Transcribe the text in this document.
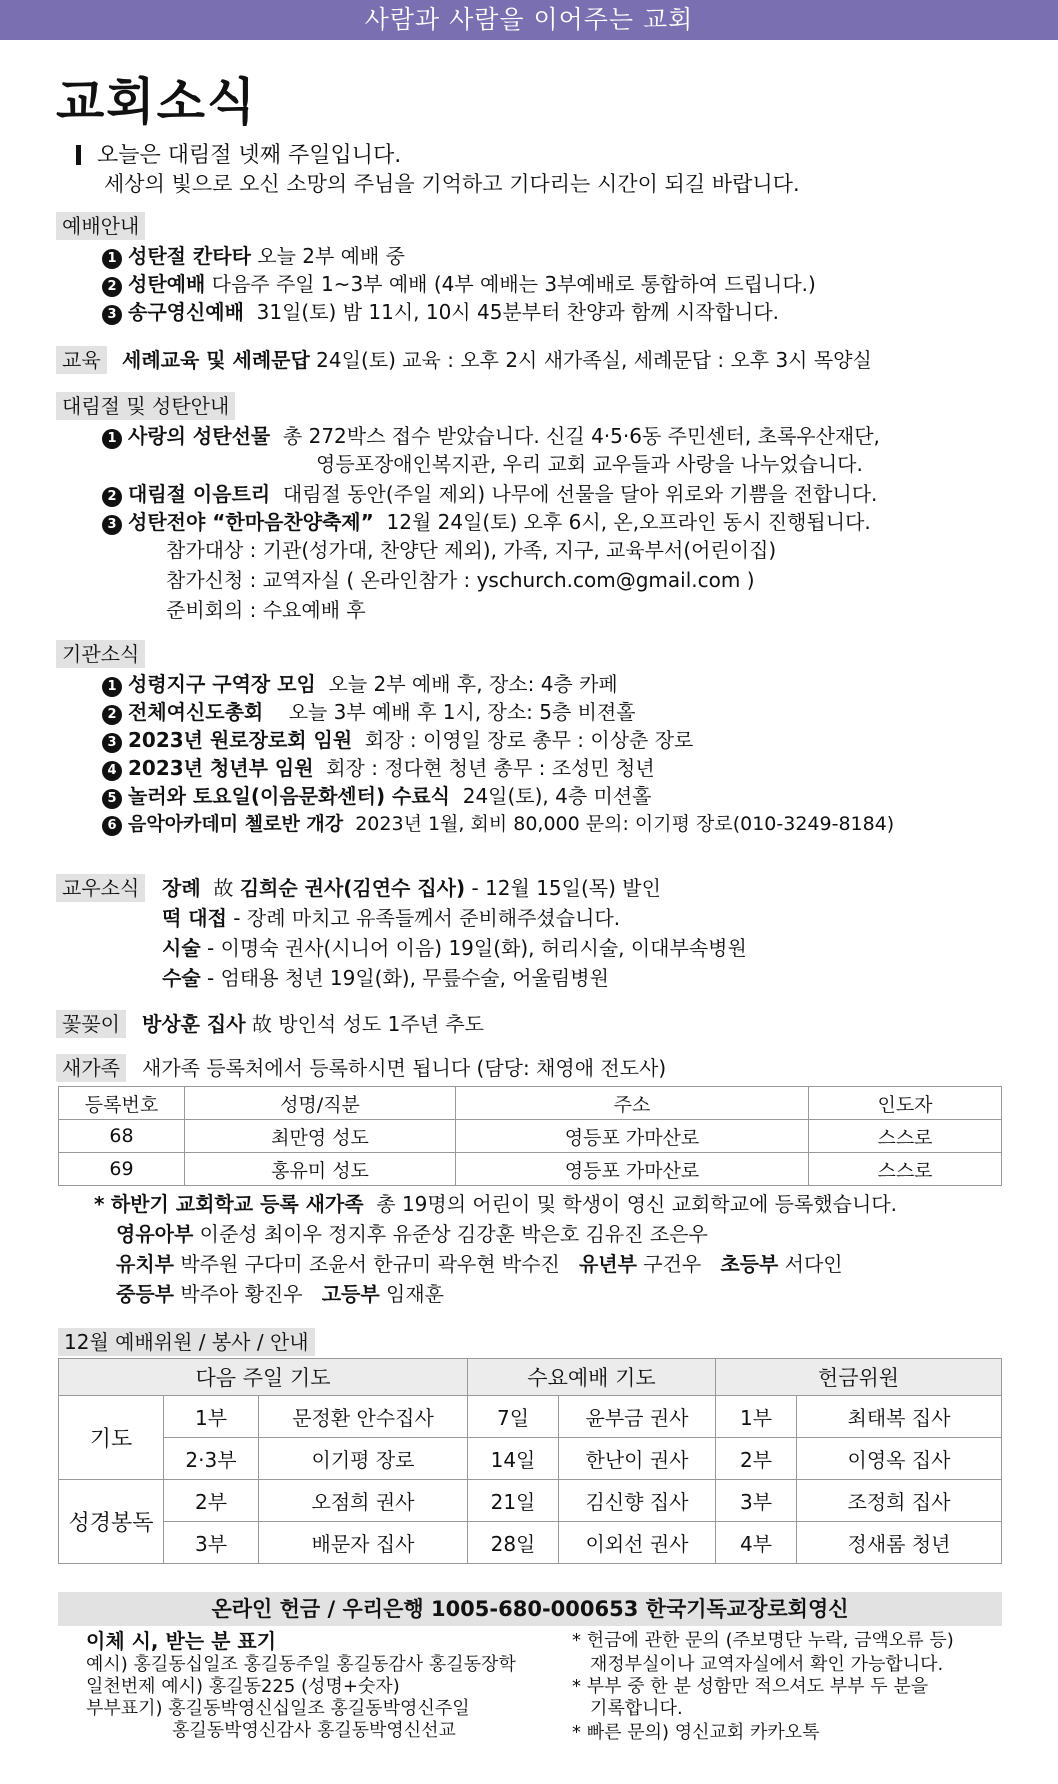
사람과 사람을 이어주는 교회
교회소식
오늘은 대림절 넷째 주일입니다.
세상의 빛으로 오신 소망의 주님을 기억하고 기다리는 시간이 되길 바랍니다.
예배안내
1 성탄절 칸타타 오늘 2부 예배 중
2 성탄예배 다음주 주일 1~3부 예배 (4부 예배는 3부예배로 통합하여 드립니다.)
3 송구영신예배 31일(토) 밤 11시, 10시 45분부터 찬양과 함께 시작합니다.
교육	세례교육 및 세례문답 24일(토) 교육 : 오후 2시 새가족실, 세례문답 : 오후 3시 목양실
대림절 및 성탄안내
1 사랑의 성탄선물 총 272박스 접수 받았습니다. 신길 4·5·6동 주민센터, 초록우산재단,
영등포장애인복지관, 우리 교회 교우들과 사랑을 나누었습니다.
2 대림절 이음트리 대림절 동안(주일 제외) 나무에 선물을 달아 위로와 기쁨을 전합니다.
3 성탄전야 “한마음찬양축제” 12월 24일(토) 오후 6시, 온,오프라인 동시 진행됩니다.
참가대상 : 기관(성가대, 찬양단 제외), 가족, 지구, 교육부서(어린이집)
참가신청 : 교역자실 ( 온라인참가 : yschurch.com@gmail.com )
준비회의 : 수요예배 후
기관소식
1 성령지구 구역장 모임 오늘 2부 예배 후, 장소: 4층 카페
2 전체여신도총회 오늘 3부 예배 후 1시, 장소: 5층 비젼홀
3 2023년 원로장로회 임원 회장 : 이영일 장로 총무 : 이상춘 장로
4 2023년 청년부 임원 회장 : 정다현 청년 총무 : 조성민 청년
5 놀러와 토요일(이음문화센터) 수료식 24일(토), 4층 미션홀
6 음악아카데미 첼로반 개강 2023년 1월, 회비 80,000 문의: 이기평 장로(010-3249-8184)
교우소식	장례 故 김희순 권사(김연수 집사) - 12월 15일(목) 발인
떡 대접 - 장례 마치고 유족들께서 준비해주셨습니다.
시술 - 이명숙 권사(시니어 이음) 19일(화), 허리시술, 이대부속병원
수술 - 엄태용 청년 19일(화), 무릎수술, 어울림병원
꽃꽂이	방상훈 집사 故 방인석 성도 1주년 추도
새가족	새가족 등록처에서 등록하시면 됩니다 (담당: 채영애 전도사)
등록번호	성명/직분	주소	인도자
68	최만영 성도	영등포 가마산로	스스로
69	홍유미 성도	영등포 가마산로	스스로
* 하반기 교회학교 등록 새가족 총 19명의 어린이 및 학생이 영신 교회학교에 등록했습니다.
영유아부 이준성 최이우 정지후 유준상 김강훈 박은호 김유진 조은우
유치부 박주원 구다미 조윤서 한규미 곽우현 박수진 유년부 구건우 초등부 서다인
중등부 박주아 황진우 고등부 임재훈
12월 예배위원 / 봉사 / 안내
다음 주일 기도			수요예배 기도		헌금위원	
기도	1부	문정환 안수집사	7일	윤부금 권사	1부	최태복 집사
	2·3부	이기평 장로	14일	한난이 권사	2부	이영옥 집사
성경봉독	2부	오점희 권사	21일	김신향 집사	3부	조정희 집사
	3부	배문자 집사	28일	이외선 권사	4부	정새롬 청년
온라인 헌금 / 우리은행 1005-680-000653 한국기독교장로회영신
이체 시, 받는 분 표기
예시) 홍길동십일조 홍길동주일 홍길동감사 홍길동장학
일천번제 예시) 홍길동225 (성명+숫자)
부부표기) 홍길동박영신십일조 홍길동박영신주일
홍길동박영신감사 홍길동박영신선교
* 헌금에 관한 문의 (주보명단 누락, 금액오류 등)
재정부실이나 교역자실에서 확인 가능합니다.
* 부부 중 한 분 성함만 적으셔도 부부 두 분을
기록합니다.
* 빠른 문의) 영신교회 카카오톡
